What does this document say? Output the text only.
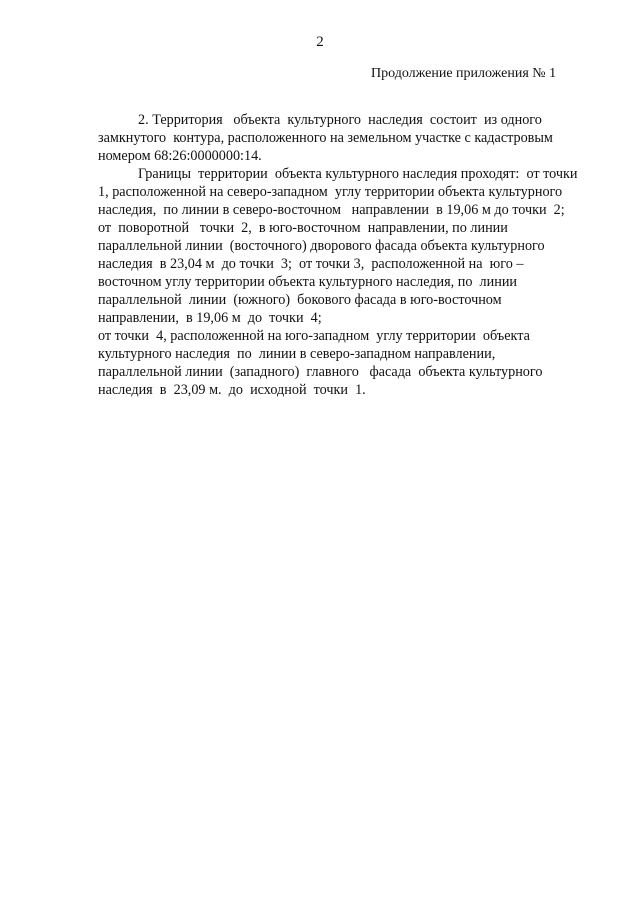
2
Продолжение приложения № 1
2. Территория   объекта  культурного  наследия  состоит  из одного
замкнутого  контура, расположенного на земельном участке с кадастровым
номером 68:26:0000000:14.
Границы  территории  объекта культурного наследия проходят:  от точки
1, расположенной на северо-западном  углу территории объекта культурного
наследия,  по линии в северо-восточном   направлении  в 19,06 м до точки  2;
от  поворотной   точки  2,  в юго-восточном  направлении, по линии
параллельной линии  (восточного) дворового фасада объекта культурного
наследия  в 23,04 м  до точки  3;  от точки 3,  расположенной на  юго –
восточном углу территории объекта культурного наследия, по  линии
параллельной  линии  (южного)  бокового фасада в юго-восточном
направлении,  в 19,06 м  до  точки  4;
от точки  4, расположенной на юго-западном  углу территории  объекта
культурного наследия  по  линии в северо-западном направлении,
параллельной линии  (западного)  главного   фасада  объекта культурного
наследия  в  23,09 м.  до  исходной  точки  1.
